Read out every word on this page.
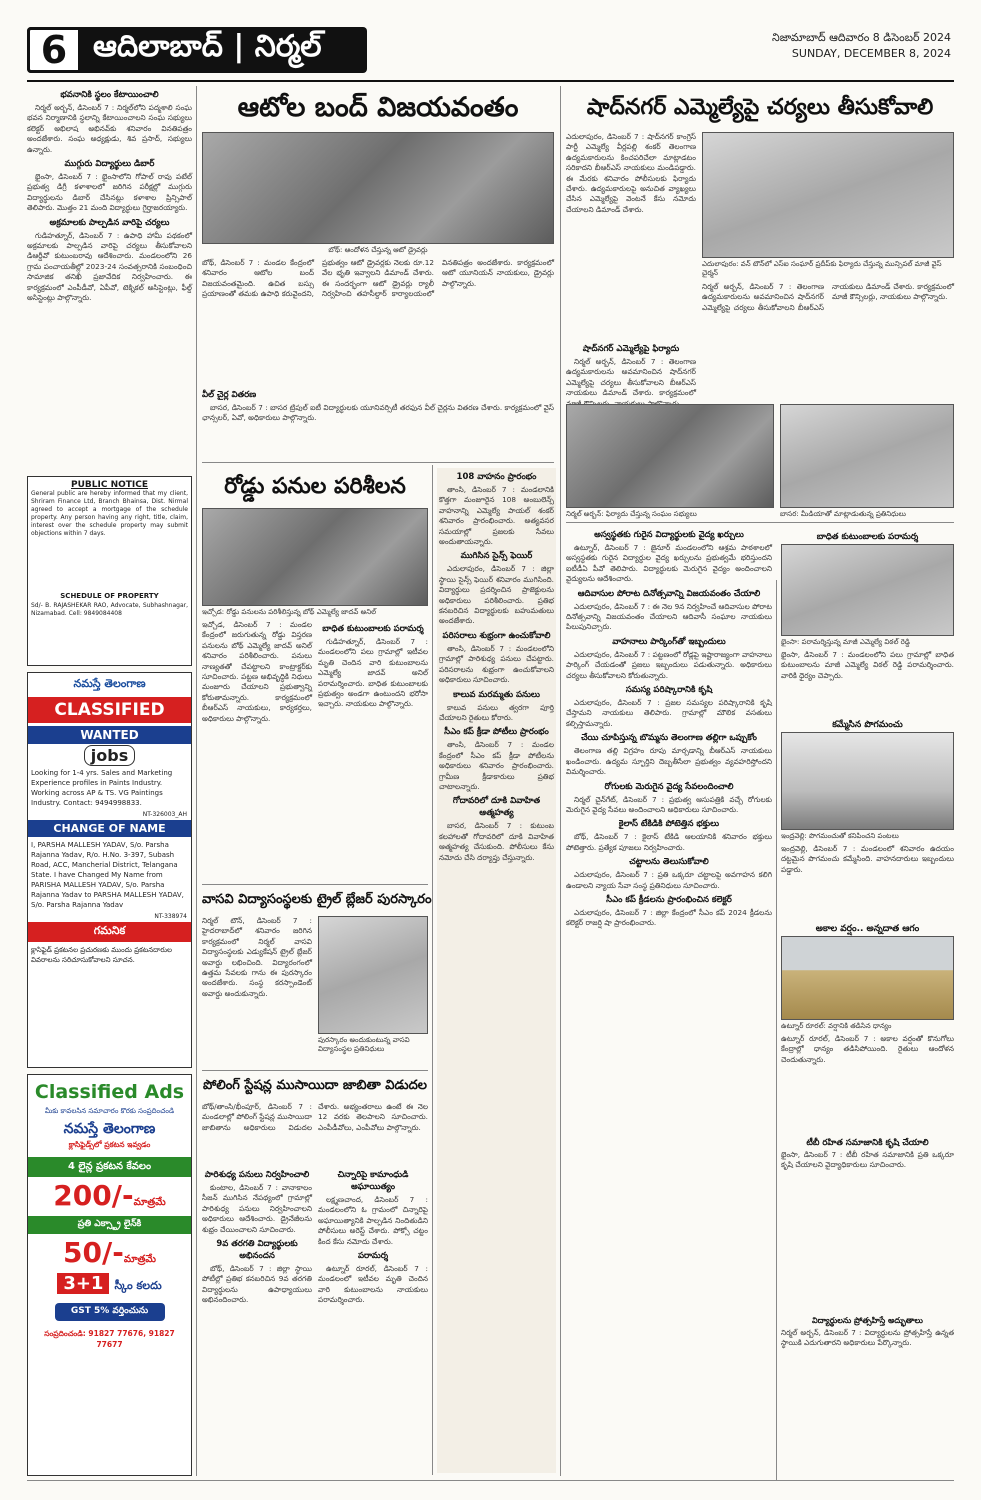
6 ఆదిలాబాద్ | నిర్మల్	నిజామాబాద్ ఆదివారం 8 డిసెంబర్ 2024
SUNDAY, DECEMBER 8, 2024
భవనానికి స్థలం కేటాయించాలి

నిర్మల్ అర్బన్, డిసెంబర్ 7 : నిర్మల్‌లోని పద్మశాలి సంఘ భవన నిర్మాణానికి స్థలాన్ని కేటాయించాలని సంఘ సభ్యులు కలెక్టర్ అభిలాష అభినవ్‌కు శనివారం వినతిపత్రం అందజేశారు. సంఘ అధ్యక్షుడు, శివ ప్రసాద్, సభ్యులు ఉన్నారు.

ముగ్గురు విద్యార్థులు డిబార్

భైంసా, డిసెంబర్ 7 : భైంసాలోని గోపాల్ రావు పటేల్ ప్రభుత్వ డిగ్రీ కళాశాలలో జరిగిన పరీక్షల్లో ముగ్గురు విద్యార్థులను డిబార్ చేసినట్లు కళాశాల ప్రిన్సిపాల్ తెలిపారు. మొత్తం 21 మంది విద్యార్థులు గైర్హాజరయ్యారు.

అక్రమాలకు పాల్పడిన వారిపై చర్యలు

గుడిహత్నూర్, డిసెంబర్ 7 : ఉపాధి హామీ పథకంలో అక్రమాలకు పాల్పడిన వారిపై చర్యలు తీసుకోవాలని డిఆర్డీవో కుటుంబరావు ఆదేశించారు. మండలంలోని 26 గ్రామ పంచాయతీల్లో 2023-24 సంవత్సరానికి సంబంధించి సామాజిక తనిఖీ ప్రజావేదిక నిర్వహించారు. ఈ కార్యక్రమంలో ఎంపీడీవో, ఏపీవో, టెక్నికల్ అసిస్టెంట్లు, ఫీల్డ్ అసిస్టెంట్లు పాల్గొన్నారు.

PUBLIC NOTICE
General public are hereby informed that my client, Shriram Finance Ltd, Branch Bhainsa, Dist. Nirmal agreed to accept a mortgage of the schedule property. Any person having any right, title, claim, interest over the schedule property may submit objections within 7 days.
SCHEDULE OF PROPERTY
Sd/- B. RAJASHEKAR RAO, Advocate, Subhashnagar, Nizamabad. Cell: 9849084408
నమస్తే తెలంగాణ
CLASSIFIED
WANTED
jobs
Looking for 1-4 yrs. Sales and Marketing Experience profiles in Paints Industry. Working across AP & TS. VG Paintings Industry. Contact: 9494998833.
NT-326003_AH
CHANGE OF NAME
I, PARSHA MALLESH YADAV, S/o. Parsha Rajanna Yadav, R/o. H.No. 3-397, Subash Road, ACC, Mancherial District, Telangana State. I have Changed My Name from PARISHA MALLESH YADAV, S/o. Parsha Rajanna Yadav to PARSHA MALLESH YADAV, S/o. Parsha Rajanna Yadav
NT-338974
గమనిక
క్లాసిఫైడ్ ప్రకటనల ప్రచురణకు ముందు ప్రకటనదారుల వివరాలను సరిచూసుకోవాలని సూచన.
Classified Ads
మీకు కావలసిన సమాచారం కొరకు సంప్రదించండి
నమస్తే తెలంగాణ
క్లాసిఫైడ్స్‌లో ప్రకటన ఇవ్వడం
4 లైన్ల ప్రకటన కేవలం
200/-మాత్రమే
ప్రతి ఎక్స్ట్రా లైన్‌కి
50/-మాత్రమే
3+1 స్కీం కలదు
GST 5% వర్తించును
సంప్రదించండి: 91827 77676, 91827 77677
ఆటోల బంద్ విజయవంతం
బోథ్: ఆందోళన చేస్తున్న ఆటో డ్రైవర్లు
బోథ్, డిసెంబర్ 7 : మండల కేంద్రంలో శనివారం ఆటోల బంద్ విజయవంతమైంది. ఉచిత బస్సు ప్రయాణంతో తమకు ఉపాధి కరువైందని, ప్రభుత్వం ఆటో డ్రైవర్లకు నెలకు రూ.12 వేల భృతి ఇవ్వాలని డిమాండ్ చేశారు. ఈ సందర్భంగా ఆటో డ్రైవర్లు ర్యాలీ నిర్వహించి తహసీల్దార్ కార్యాలయంలో వినతిపత్రం అందజేశారు. కార్యక్రమంలో ఆటో యూనియన్ నాయకులు, డ్రైవర్లు పాల్గొన్నారు.
వీల్ చైర్ల వితరణ

బాసర, డిసెంబర్ 7 : బాసర ట్రిపుల్ ఐటీ విద్యార్థులకు యూనివర్సిటీ తరఫున వీల్ చైర్లను వితరణ చేశారు. కార్యక్రమంలో వైస్ ఛాన్సలర్, ఏవో, అధికారులు పాల్గొన్నారు.

షాద్‌నగర్ ఎమ్మెల్యేపై చర్యలు తీసుకోవాలి
ఎదులాపురం, డిసెంబర్ 7 : షాద్‌నగర్ కాంగ్రెస్ పార్టీ ఎమ్మెల్యే వీర్లపల్లి శంకర్ తెలంగాణ ఉద్యమకారులను కించపరిచేలా మాట్లాడటం సరికాదని బీఆర్ఎస్ నాయకులు మండిపడ్డారు. ఈ మేరకు శనివారం పోలీసులకు ఫిర్యాదు చేశారు. ఉద్యమకారులపై అనుచిత వ్యాఖ్యలు చేసిన ఎమ్మెల్యేపై వెంటనే కేసు నమోదు చేయాలని డిమాండ్ చేశారు.
ఎదులాపురం: వన్ టౌన్‌లో ఎస్ఐ సంఘార్ ప్రదీప్‌కు ఫిర్యాదు చేస్తున్న మున్సిపల్ మాజీ వైస్ చైర్మన్
షాద్‌నగర్ ఎమ్మెల్యేపై ఫిర్యాదు

నిర్మల్ అర్బన్, డిసెంబర్ 7 : తెలంగాణ ఉద్యమకారులను అవమానించిన షాద్‌నగర్ ఎమ్మెల్యేపై చర్యలు తీసుకోవాలని బీఆర్ఎస్ నాయకులు డిమాండ్ చేశారు. కార్యక్రమంలో

నిర్మల్ అర్బన్, డిసెంబర్ 7 : తెలంగాణ ఉద్యమకారులను అవమానించిన షాద్‌నగర్ ఎమ్మెల్యేపై చర్యలు తీసుకోవాలని బీఆర్ఎస్ నాయకులు డిమాండ్ చేశారు. కార్యక్రమంలో మాజీ కౌన్సిలర్లు, నాయకులు పాల్గొన్నారు.
నిర్మల్ అర్బన్: ఫిర్యాదు చేస్తున్న సంఘం సభ్యులు	బాసర: మీడియాతో మాట్లాడుతున్న ప్రతినిధులు
రోడ్డు పనుల పరిశీలన
ఇచ్చోడ: రోడ్డు పనులను పరిశీలిస్తున్న బోథ్ ఎమ్మెల్యే జాదవ్ అనిల్
ఇచ్చోడ, డిసెంబర్ 7 : మండల కేంద్రంలో జరుగుతున్న రోడ్డు విస్తరణ పనులను బోథ్ ఎమ్మెల్యే జాదవ్ అనిల్ శనివారం పరిశీలించారు. పనులు నాణ్యతతో చేపట్టాలని కాంట్రాక్టర్‌కు సూచించారు. పట్టణ అభివృద్ధికి నిధులు మంజూరు చేయాలని ప్రభుత్వాన్ని కోరుతామన్నారు. కార్యక్రమంలో బీఆర్ఎస్ నాయకులు, కార్యకర్తలు, అధికారులు పాల్గొన్నారు.
బాధిత కుటుంబాలకు పరామర్శ

గుడిహత్నూర్, డిసెంబర్ 7 : మండలంలోని పలు గ్రామాల్లో ఇటీవల మృతి చెందిన వారి కుటుంబాలను ఎమ్మెల్యే జాదవ్ అనిల్ పరామర్శించారు. బాధిత కుటుంబాలకు ప్రభుత్వం అండగా ఉంటుందని భరోసా ఇచ్చారు. నాయకులు పాల్గొన్నారు.

108 వాహనం ప్రారంభం

తాంసి, డిసెంబర్ 7 : మండలానికి కొత్తగా మంజూరైన 108 అంబులెన్స్ వాహనాన్ని ఎమ్మెల్యే పాయల్ శంకర్ శనివారం ప్రారంభించారు. అత్యవసర సమయాల్లో ప్రజలకు సేవలు అందుతాయన్నారు.

ముగిసిన సైన్స్ ఫెయిర్

ఎదులాపురం, డిసెంబర్ 7 : జిల్లా స్థాయి సైన్స్ ఫెయిర్ శనివారం ముగిసింది. విద్యార్థులు ప్రదర్శించిన ప్రాజెక్టులను అధికారులు పరిశీలించారు. ప్రతిభ కనబరిచిన విద్యార్థులకు బహుమతులు అందజేశారు.

పరిసరాలు శుభ్రంగా ఉంచుకోవాలి

తాంసి, డిసెంబర్ 7 : మండలంలోని గ్రామాల్లో పారిశుధ్య పనులు చేపట్టారు. పరిసరాలను శుభ్రంగా ఉంచుకోవాలని అధికారులు సూచించారు.

కాలువ మరమ్మతు పనులు

కాలువ పనులు త్వరగా పూర్తి చేయాలని రైతులు కోరారు.

సీఎం కప్ క్రీడా పోటీలు ప్రారంభం

తాంసి, డిసెంబర్ 7 : మండల కేంద్రంలో సీఎం కప్ క్రీడా పోటీలను అధికారులు శనివారం ప్రారంభించారు. గ్రామీణ క్రీడాకారులు ప్రతిభ చాటాలన్నారు.

గోదావరిలో దూకి వివాహిత ఆత్మహత్య

బాసర, డిసెంబర్ 7 : కుటుంబ కలహాలతో గోదావరిలో దూకి వివాహిత ఆత్మహత్య చేసుకుంది. పోలీసులు కేసు నమోదు చేసి దర్యాప్తు చేస్తున్నారు.

వాసవి విద్యాసంస్థలకు ట్రైల్ బ్లేజర్ పురస్కారం
నిర్మల్ టౌన్, డిసెంబర్ 7 : హైదరాబాద్‌లో శనివారం జరిగిన కార్యక్రమంలో నిర్మల్ వాసవి విద్యాసంస్థలకు ఎడ్యుకేషన్ ట్రైల్ బ్లేజర్ అవార్డు లభించింది. విద్యారంగంలో ఉత్తమ సేవలకు గాను ఈ పురస్కారం అందజేశారు. సంస్థ కరస్పాండెంట్ అవార్డు అందుకున్నారు.
పురస్కారం అందుకుంటున్న వాసవి విద్యాసంస్థల ప్రతినిధులు
పోలింగ్ స్టేషన్ల ముసాయిదా జాబితా విడుదల
బోథ్/తాంసి/భీంపూర్, డిసెంబర్ 7 : మండలాల్లో పోలింగ్ స్టేషన్ల ముసాయిదా జాబితాను అధికారులు విడుదల చేశారు. అభ్యంతరాలు ఉంటే ఈ నెల 12 వరకు తెలపాలని సూచించారు. ఎంపీడీవోలు, ఎంపీవోలు పాల్గొన్నారు.
పారిశుధ్య పనులు నిర్వహించాలి

కుంటాల, డిసెంబర్ 7 : వానాకాలం సీజన్ ముగిసిన నేపథ్యంలో గ్రామాల్లో పారిశుధ్య పనులు నిర్వహించాలని అధికారులు ఆదేశించారు. డ్రైనేజీలను శుభ్రం చేయించాలని సూచించారు.

9వ తరగతి విద్యార్థులకు అభినందన

బోథ్, డిసెంబర్ 7 : జిల్లా స్థాయి పోటీల్లో ప్రతిభ కనబరిచిన 9వ తరగతి విద్యార్థులను ఉపాధ్యాయులు అభినందించారు.

చిన్నారిపై కామాంధుడి అఘాయిత్యం

లక్ష్మణచాంద, డిసెంబర్ 7 : మండలంలోని ఓ గ్రామంలో చిన్నారిపై అఘాయిత్యానికి పాల్పడిన నిందితుడిని పోలీసులు అరెస్ట్ చేశారు. పోక్సో చట్టం కింద కేసు నమోదు చేశారు.

పరామర్శ

ఉట్నూర్ రూరల్, డిసెంబర్ 7 : మండలంలో ఇటీవల మృతి చెందిన వారి కుటుంబాలను నాయకులు పరామర్శించారు.

అస్వస్థతకు గురైన విద్యార్థులకు వైద్య ఖర్చులు

ఉట్నూర్, డిసెంబర్ 7 : జైనూర్ మండలంలోని ఆశ్రమ పాఠశాలలో అస్వస్థతకు గురైన విద్యార్థుల వైద్య ఖర్చులను ప్రభుత్వమే భరిస్తుందని ఐటీడీఏ పీవో తెలిపారు. విద్యార్థులకు మెరుగైన వైద్యం అందించాలని వైద్యులను ఆదేశించారు.

ఆదివాసుల పోరాట దినోత్సవాన్ని విజయవంతం చేయాలి

ఎదులాపురం, డిసెంబర్ 7 : ఈ నెల 9న నిర్వహించే ఆదివాసుల పోరాట దినోత్సవాన్ని విజయవంతం చేయాలని ఆదివాసీ సంఘాల నాయకులు పిలుపునిచ్చారు.

వాహనాలు పార్కింగ్‌తో ఇబ్బందులు

ఎదులాపురం, డిసెంబర్ 7 : పట్టణంలో రోడ్లపై ఇష్టారాజ్యంగా వాహనాలు పార్కింగ్ చేయడంతో ప్రజలు ఇబ్బందులు పడుతున్నారు. అధికారులు చర్యలు తీసుకోవాలని కోరుతున్నారు.

సమస్య పరిష్కారానికి కృషి

ఎదులాపురం, డిసెంబర్ 7 : ప్రజల సమస్యల పరిష్కారానికి కృషి చేస్తామని నాయకులు తెలిపారు. గ్రామాల్లో మౌలిక వసతులు కల్పిస్తామన్నారు.

చేయి చూపిస్తున్న బొమ్మను తెలంగాణ తల్లిగా ఒప్పుకోం

తెలంగాణ తల్లి విగ్రహం రూపు మార్చడాన్ని బీఆర్ఎస్ నాయకులు ఖండించారు. ఉద్యమ స్ఫూర్తిని దెబ్బతీసేలా ప్రభుత్వం వ్యవహరిస్తోందని విమర్శించారు.

రోగులకు మెరుగైన వైద్య సేవలందించాలి

నిర్మల్ చైన్‌గేట్, డిసెంబర్ 7 : ప్రభుత్వ ఆసుపత్రికి వచ్చే రోగులకు మెరుగైన వైద్య సేవలు అందించాలని అధికారులు సూచించారు.

కైలాస్ టేకిడికి పోటెత్తిన భక్తులు

బోథ్, డిసెంబర్ 7 : కైలాస్ టేకిడి ఆలయానికి శనివారం భక్తులు పోటెత్తారు. ప్రత్యేక పూజలు నిర్వహించారు.

చట్టాలను తెలుసుకోవాలి

ఎదులాపురం, డిసెంబర్ 7 : ప్రతి ఒక్కరూ చట్టాలపై అవగాహన కలిగి ఉండాలని న్యాయ సేవా సంస్థ ప్రతినిధులు సూచించారు.

సీఎం కప్ క్రీడలను ప్రారంభించిన కలెక్టర్

ఎదులాపురం, డిసెంబర్ 7 : జిల్లా కేంద్రంలో సీఎం కప్ 2024 క్రీడలను కలెక్టర్ రాజర్షి షా ప్రారంభించారు.

బాధిత కుటుంబాలకు పరామర్శ
భైంసా: పరామర్శిస్తున్న మాజీ ఎమ్మెల్యే విఠల్ రెడ్డి
భైంసా, డిసెంబర్ 7 : మండలంలోని పలు గ్రామాల్లో బాధిత కుటుంబాలను మాజీ ఎమ్మెల్యే విఠల్ రెడ్డి పరామర్శించారు. వారికి ధైర్యం చెప్పారు.
కమ్మేసిన పొగమంచు
ఇంద్రవెల్లి: పొగమంచుతో కనిపించని పంటలు
ఇంద్రవెల్లి, డిసెంబర్ 7 : మండలంలో శనివారం ఉదయం దట్టమైన పొగమంచు కమ్మేసింది. వాహనదారులు ఇబ్బందులు పడ్డారు.
అకాల వర్షం.. అన్నదాత ఆగం
ఉట్నూర్ రూరల్: వర్షానికి తడిసిన ధాన్యం
ఉట్నూర్ రూరల్, డిసెంబర్ 7 : అకాల వర్షంతో కొనుగోలు కేంద్రాల్లో ధాన్యం తడిసిపోయింది. రైతులు ఆందోళన చెందుతున్నారు.
టీబీ రహిత సమాజానికి కృషి చేయాలి
భైంసా, డిసెంబర్ 7 : టీబీ రహిత సమాజానికి ప్రతి ఒక్కరూ కృషి చేయాలని వైద్యాధికారులు సూచించారు.
విద్యార్థులను ప్రోత్సహిస్తే అద్భుతాలు
నిర్మల్ అర్బన్, డిసెంబర్ 7 : విద్యార్థులను ప్రోత్సహిస్తే ఉన్నత స్థాయికి ఎదుగుతారని అధికారులు పేర్కొన్నారు.
